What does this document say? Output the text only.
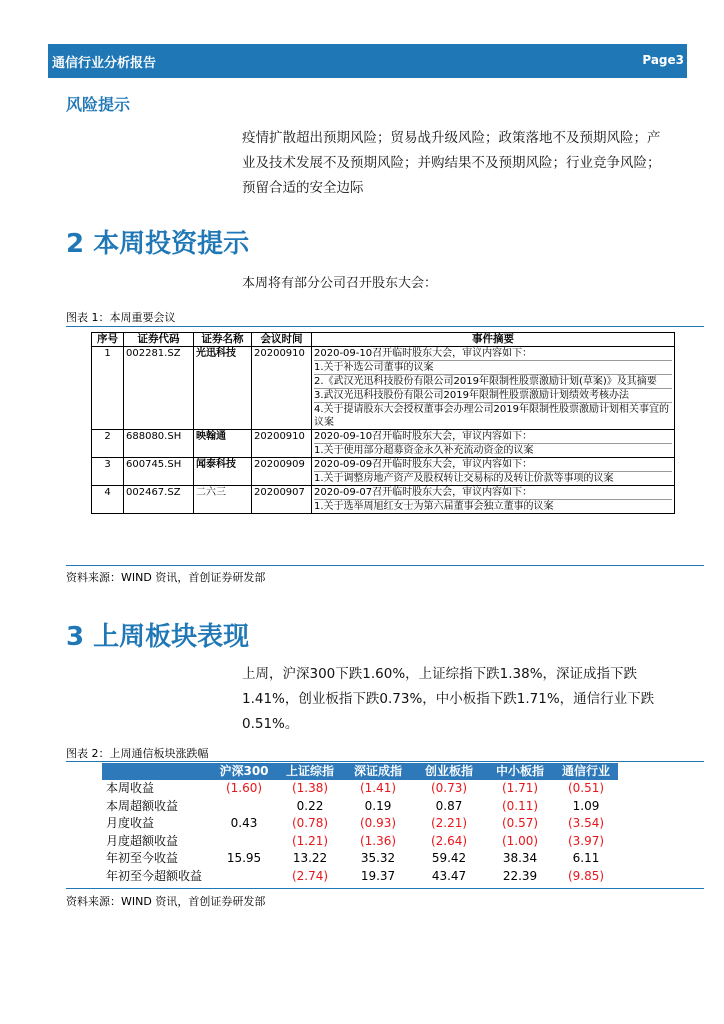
通信行业分析报告	Page3
风险提示
疫情扩散超出预期风险；贸易战升级风险；政策落地不及预期风险；产业及技术发展不及预期风险；并购结果不及预期风险；行业竞争风险；预留合适的安全边际
2 本周投资提示
本周将有部分公司召开股东大会：
图表 1：本周重要会议
序号	证券代码	证券名称	会议时间	事件摘要
1	002281.SZ	光迅科技	20200910	2020-09-10召开临时股东大会，审议内容如下：
1.关于补选公司董事的议案
2.《武汉光迅科技股份有限公司2019年限制性股票激励计划(草案)》及其摘要
3.武汉光迅科技股份有限公司2019年限制性股票激励计划绩效考核办法
4.关于提请股东大会授权董事会办理公司2019年限制性股票激励计划相关事宜的议案

2	688080.SH	映翰通	20200910	2020-09-10召开临时股东大会，审议内容如下：
1.关于使用部分超募资金永久补充流动资金的议案

3	600745.SH	闻泰科技	20200909	2020-09-09召开临时股东大会，审议内容如下：
1.关于调整房地产资产及股权转让交易标的及转让价款等事项的议案

4	002467.SZ	二六三	20200907	2020-09-07召开临时股东大会，审议内容如下：
1.关于选举周旭红女士为第六届董事会独立董事的议案
资料来源：WIND 资讯，首创证券研发部
3 上周板块表现
上周，沪深300下跌1.60%，上证综指下跌1.38%，深证成指下跌1.41%，创业板指下跌0.73%，中小板指下跌1.71%，通信行业下跌0.51%。
图表 2：上周通信板块涨跌幅
	沪深300	上证综指	深证成指	创业板指	中小板指	通信行业
本周收益	(1.60)	(1.38)	(1.41)	(0.73)	(1.71)	(0.51)
本周超额收益		0.22	0.19	0.87	(0.11)	1.09
月度收益	0.43	(0.78)	(0.93)	(2.21)	(0.57)	(3.54)
月度超额收益		(1.21)	(1.36)	(2.64)	(1.00)	(3.97)
年初至今收益	15.95	13.22	35.32	59.42	38.34	6.11
年初至今超额收益		(2.74)	19.37	43.47	22.39	(9.85)
资料来源：WIND 资讯，首创证券研发部
